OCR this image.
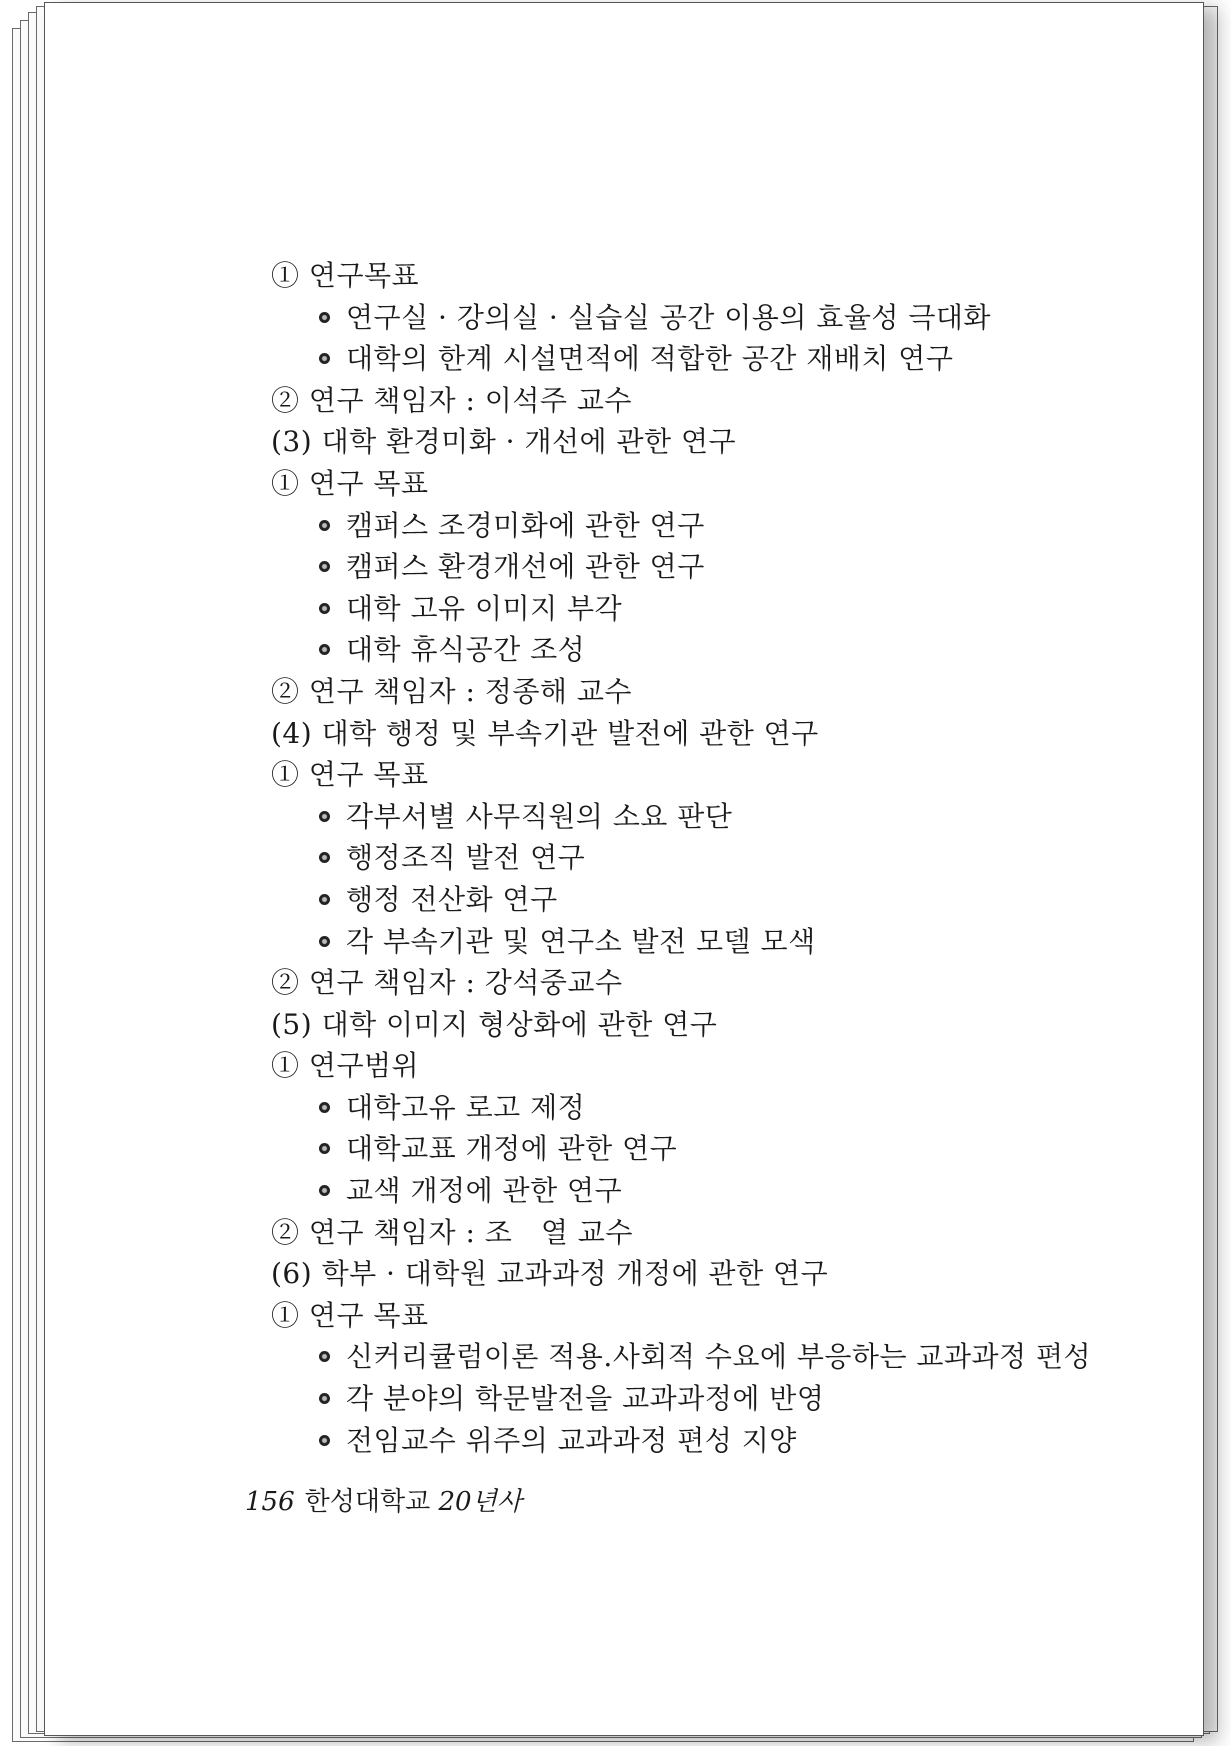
① 연구목표
연구실 · 강의실 · 실습실 공간 이용의 효율성 극대화
대학의 한계 시설면적에 적합한 공간 재배치 연구
② 연구 책임자 : 이석주 교수
(3) 대학 환경미화 · 개선에 관한 연구
① 연구 목표
캠퍼스 조경미화에 관한 연구
캠퍼스 환경개선에 관한 연구
대학 고유 이미지 부각
대학 휴식공간 조성
② 연구 책임자 : 정종해 교수
(4) 대학 행정 및 부속기관 발전에 관한 연구
① 연구 목표
각부서별 사무직원의 소요 판단
행정조직 발전 연구
행정 전산화 연구
각 부속기관 및 연구소 발전 모델 모색
② 연구 책임자 : 강석중교수
(5) 대학 이미지 형상화에 관한 연구
① 연구범위
대학고유 로고 제정
대학교표 개정에 관한 연구
교색 개정에 관한 연구
② 연구 책임자 : 조　열 교수
(6) 학부 · 대학원 교과과정 개정에 관한 연구
① 연구 목표
신커리큘럼이론 적용.사회적 수요에 부응하는 교과과정 편성
각 분야의 학문발전을 교과과정에 반영
전임교수 위주의 교과과정 편성 지양
156 한성대학교 20년사
